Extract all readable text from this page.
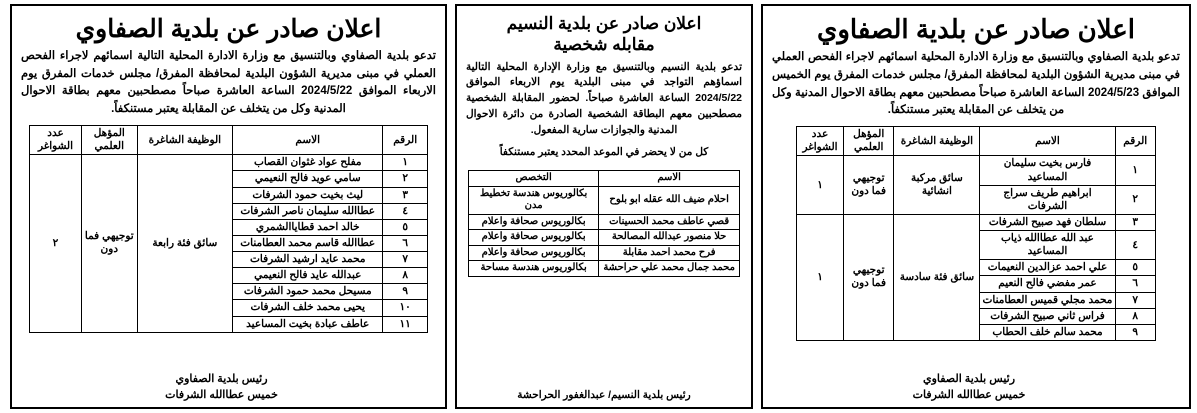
اعلان صادر عن بلدية الصفاوي
تدعو بلدية الصفاوي وبالتنسيق مع وزارة الادارة المحلية اسمائهم لاجراء الفحص العملي في مبنى مديرية الشؤون البلدية لمحافظة المفرق/ مجلس خدمات المفرق يوم الخميس الموافق 2024/5/23 الساعة العاشرة صباحاً مصطحبين معهم بطاقة الاحوال المدنية وكل من يتخلف عن المقابلة يعتبر مستنكفاً.
الرقم	الاسم	الوظيفة الشاغرة	المؤهل العلمي	عدد الشواغر
١	فارس بخيت سليمان المساعيد	سائق مركبة انشائية	توجيهي فما دون	١
٢	ابراهيم طريف سراج الشرفات			
٣	سلطان فهد صبيح الشرفات	سائق فئة سادسة	توجيهي فما دون	١
٤	عبد الله عطاالله ذياب المساعيد			
٥	علي احمد عزالدين النعيمات			
٦	عمر مفضي فالح النعيم			
٧	محمد مجلي قميس العطامنات			
٨	فراس ثاني صبيح الشرفات			
٩	محمد سالم خلف الحطاب			
رئيس بلدية الصفاوي
خميس عطاالله الشرفات
اعلان صادر عن بلدية النسيم
مقابله شخصية
تدعو بلدية النسيم وبالتنسيق مع وزارة الإدارة المحلية التالية اسماؤهم التواجد في مبنى البلدية يوم الاربعاء الموافق 2024/5/22 الساعة العاشرة صباحاً. لحضور المقابلة الشخصية مصطحبين معهم البطاقة الشخصية الصادرة من دائرة الاحوال المدنية والجوازات سارية المفعول.
كل من لا يحضر في الموعد المحدد يعتبر مستنكفاً
الاسم	التخصص
احلام ضيف الله عقله ابو بلوح	بكالوريوس هندسة تخطيط مدن
قصي عاطف محمد الحسينات	بكالوريوس صحافة واعلام
حلا منصور عبدالله المصالحة	بكالوريوس صحافة واعلام
فرح محمد احمد مقابلة	بكالوريوس صحافة واعلام
محمد جمال محمد علي حراحشة	بكالوريوس هندسة مساحة
رئيس بلدية النسيم/ عبدالغفور الحراحشة
اعلان صادر عن بلدية الصفاوي
تدعو بلدية الصفاوي وبالتنسيق مع وزارة الادارة المحلية التالية اسمائهم لاجراء الفحص العملي في مبنى مديرية الشؤون البلدية لمحافظة المفرق/ مجلس خدمات المفرق يوم الاربعاء الموافق 2024/5/22 الساعة العاشرة صباحاً مصطحبين معهم بطاقة الاحوال المدنية وكل من يتخلف عن المقابلة يعتبر مستنكفاً.
الرقم	الاسم	الوظيفة الشاغرة	المؤهل العلمي	عدد الشواغر
١	مفلح عواد غثوان القصاب	سائق فئة رابعة	توجيهي فما دون	٢
٢	سامي عويد فالح النعيمي			
٣	ليث بخيت حمود الشرفات			
٤	عطاالله سليمان ناصر الشرفات			
٥	خالد احمد قطاياالشمري			
٦	عطاالله قاسم محمد العطامنات			
٧	محمد عايد ارشيد الشرفات			
٨	عبدالله عايد فالح النعيمي			
٩	مسيحل محمد حمود الشرفات			
١٠	يحيى محمد خلف الشرفات			
١١	عاطف عبادة بخيت المساعيد			
رئيس بلدية الصفاوي
خميس عطاالله الشرفات
